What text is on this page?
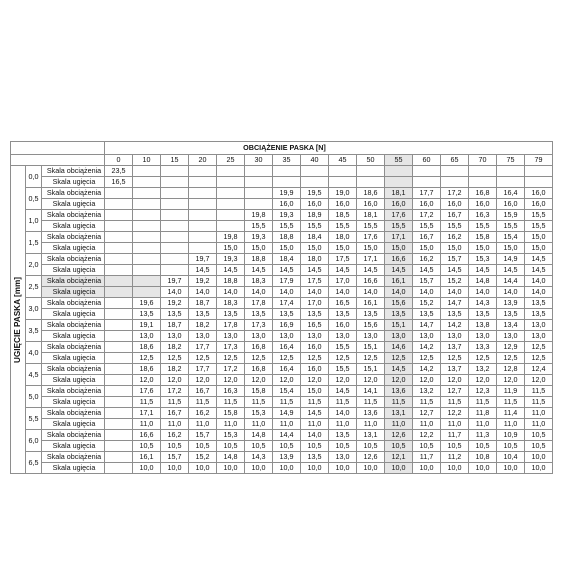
			OBCIĄŻENIE PASKA [N]															
			0	10	15	20	25	30	35	40	45	50	55	60	65	70	75	79

UGIĘCIE PASKA [mm]	0,0	Skala obciążenia	23,5															
		Skala ugięcia	16,5															
	0,5	Skala obciążenia							19,9	19,5	19,0	18,6	18,1	17,7	17,2	16,8	16,4	16,0
		Skala ugięcia							16,0	16,0	16,0	16,0	16,0	16,0	16,0	16,0	16,0	16,0
	1,0	Skala obciążenia						19,8	19,3	18,9	18,5	18,1	17,6	17,2	16,7	16,3	15,9	15,5
		Skala ugięcia						15,5	15,5	15,5	15,5	15,5	15,5	15,5	15,5	15,5	15,5	15,5
	1,5	Skala obciążenia					19,8	19,3	18,8	18,4	18,0	17,6	17,1	16,7	16,2	15,8	15,4	15,0
		Skala ugięcia					15,0	15,0	15,0	15,0	15,0	15,0	15,0	15,0	15,0	15,0	15,0	15,0
	2,0	Skala obciążenia				19,7	19,3	18,8	18,4	18,0	17,5	17,1	16,6	16,2	15,7	15,3	14,9	14,5
		Skala ugięcia				14,5	14,5	14,5	14,5	14,5	14,5	14,5	14,5	14,5	14,5	14,5	14,5	14,5
	2,5	Skala obciążenia			19,7	19,2	18,8	18,3	17,9	17,5	17,0	16,6	16,1	15,7	15,2	14,8	14,4	14,0
		Skala ugięcia			14,0	14,0	14,0	14,0	14,0	14,0	14,0	14,0	14,0	14,0	14,0	14,0	14,0	14,0
	3,0	Skala obciążenia		19,6	19,2	18,7	18,3	17,8	17,4	17,0	16,5	16,1	15,6	15,2	14,7	14,3	13,9	13,5
		Skala ugięcia		13,5	13,5	13,5	13,5	13,5	13,5	13,5	13,5	13,5	13,5	13,5	13,5	13,5	13,5	13,5
	3,5	Skala obciążenia		19,1	18,7	18,2	17,8	17,3	16,9	16,5	16,0	15,6	15,1	14,7	14,2	13,8	13,4	13,0
		Skala ugięcia		13,0	13,0	13,0	13,0	13,0	13,0	13,0	13,0	13,0	13,0	13,0	13,0	13,0	13,0	13,0
	4,0	Skala obciążenia		18,6	18,2	17,7	17,3	16,8	16,4	16,0	15,5	15,1	14,6	14,2	13,7	13,3	12,9	12,5
		Skala ugięcia		12,5	12,5	12,5	12,5	12,5	12,5	12,5	12,5	12,5	12,5	12,5	12,5	12,5	12,5	12,5
	4,5	Skala obciążenia		18,6	18,2	17,7	17,2	16,8	16,4	16,0	15,5	15,1	14,5	14,2	13,7	13,2	12,8	12,4
		Skala ugięcia		12,0	12,0	12,0	12,0	12,0	12,0	12,0	12,0	12,0	12,0	12,0	12,0	12,0	12,0	12,0
	5,0	Skala obciążenia		17,6	17,2	16,7	16,3	15,8	15,4	15,0	14,5	14,1	13,6	13,2	12,7	12,3	11,9	11,5
		Skala ugięcia		11,5	11,5	11,5	11,5	11,5	11,5	11,5	11,5	11,5	11,5	11,5	11,5	11,5	11,5	11,5
	5,5	Skala obciążenia		17,1	16,7	16,2	15,8	15,3	14,9	14,5	14,0	13,6	13,1	12,7	12,2	11,8	11,4	11,0
		Skala ugięcia		11,0	11,0	11,0	11,0	11,0	11,0	11,0	11,0	11,0	11,0	11,0	11,0	11,0	11,0	11,0
	6,0	Skala obciążenia		16,6	16,2	15,7	15,3	14,8	14,4	14,0	13,5	13,1	12,6	12,2	11,7	11,3	10,9	10,5
		Skala ugięcia		10,5	10,5	10,5	10,5	10,5	10,5	10,5	10,5	10,5	10,5	10,5	10,5	10,5	10,5	10,5
	6,5	Skala obciążenia		16,1	15,7	15,2	14,8	14,3	13,9	13,5	13,0	12,6	12,1	11,7	11,2	10,8	10,4	10,0
		Skala ugięcia		10,0	10,0	10,0	10,0	10,0	10,0	10,0	10,0	10,0	10,0	10,0	10,0	10,0	10,0	10,0
